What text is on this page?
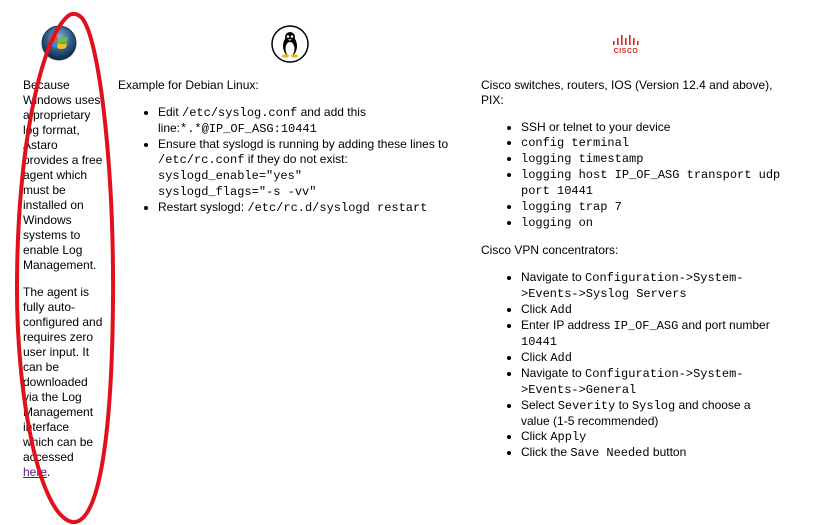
CISCO

Because Windows uses a proprietary log format, Astaro provides a free agent which must be installed on Windows systems to enable Log Management.

The agent is fully auto-configured and requires zero user input. It can be downloaded via the Log Management interface which can be accessed here.

Example for Debian Linux:

• Edit /etc/syslog.conf and add this line:*.*@IP_OF_ASG:10441
• Ensure that syslogd is running by adding these lines to /etc/rc.conf if they do not exist:
syslogd_enable="yes"
syslogd_flags="-s -vv"
• Restart syslogd: /etc/rc.d/syslogd restart

Cisco switches, routers, IOS (Version 12.4 and above), PIX:

• SSH or telnet to your device
• config terminal
• logging timestamp
• logging host IP_OF_ASG transport udp port 10441
• logging trap 7
• logging on

Cisco VPN concentrators:

• Navigate to Configuration->System->Events->Syslog Servers
• Click Add
• Enter IP address IP_OF_ASG and port number 10441
• Click Add
• Navigate to Configuration->System->Events->General
• Select Severity to Syslog and choose a value (1-5 recommended)
• Click Apply
• Click the Save Needed button
